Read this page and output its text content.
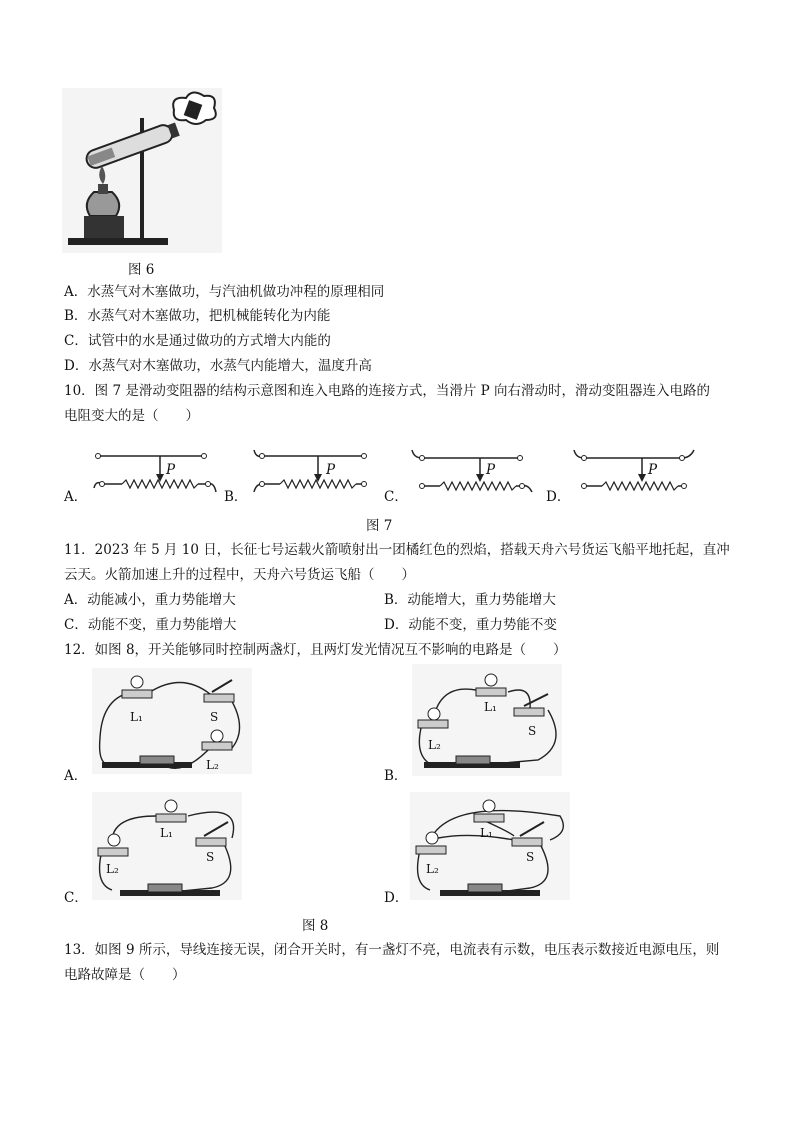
图 6
A．水蒸气对木塞做功，与汽油机做功冲程的原理相同
B．水蒸气对木塞做功，把机械能转化为内能
C．试管中的水是通过做功的方式增大内能的
D．水蒸气对木塞做功，水蒸气内能增大，温度升高
10．图 7 是滑动变阻器的结构示意图和连入电路的连接方式，当滑片 P 向右滑动时，滑动变阻器连入电路的
电阻变大的是（　　）
A．
P
B．
P
C．
P
D．
P
图 7
11．2023 年 5 月 10 日，长征七号运载火箭喷射出一团橘红色的烈焰，搭载天舟六号货运飞船平地托起，直冲
云天。火箭加速上升的过程中，天舟六号货运飞船（　　）
A．动能减小，重力势能增大	B．动能增大，重力势能增大
C．动能不变，重力势能增大	D．动能不变，重力势能不变
12．如图 8，开关能够同时控制两盏灯，且两灯发光情况互不影响的电路是（　　）
L₁	S
L₂
A．
L₁
S
L₂
B．
L₁
S
L₂
C．
L₁
S
L₂
D．
图 8
13．如图 9 所示，导线连接无误，闭合开关时，有一盏灯不亮，电流表有示数，电压表示数接近电源电压，则
电路故障是（　　）
